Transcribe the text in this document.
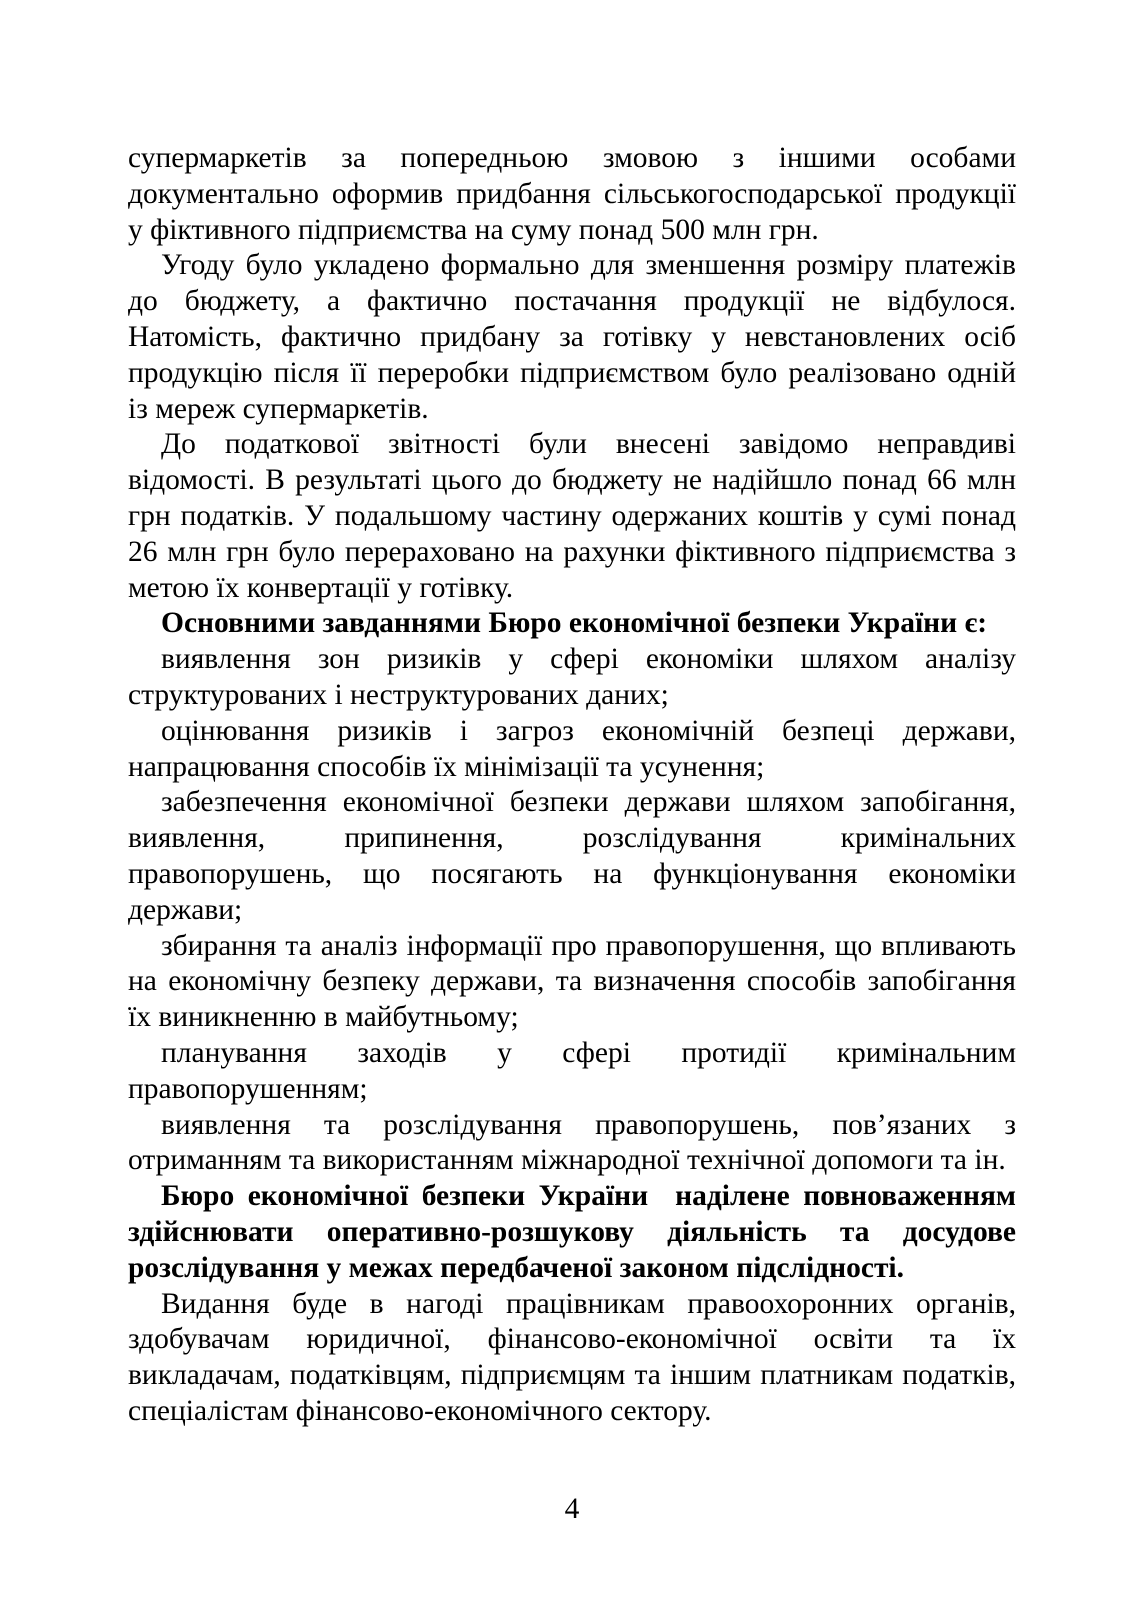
супермаркетів за попередньою змовою з іншими особами
документально оформив придбання сільськогосподарської продукції
у фіктивного підприємства на суму понад 500 млн грн.
Угоду було укладено формально для зменшення розміру платежів
до бюджету, а фактично постачання продукції не відбулося.
Натомість, фактично придбану за готівку у невстановлених осіб
продукцію після її переробки підприємством було реалізовано одній
із мереж супермаркетів.
До податкової звітності були внесені завідомо неправдиві
відомості. В результаті цього до бюджету не надійшло понад 66 млн
грн податків. У подальшому частину одержаних коштів у сумі понад
26 млн грн було перераховано на рахунки фіктивного підприємства з
метою їх конвертації у готівку.
Основними завданнями Бюро економічної безпеки України є:
виявлення зон ризиків у сфері економіки шляхом аналізу
структурованих і неструктурованих даних;
оцінювання ризиків і загроз економічній безпеці держави,
напрацювання способів їх мінімізації та усунення;
забезпечення економічної безпеки держави шляхом запобігання,
виявлення, припинення, розслідування кримінальних
правопорушень, що посягають на функціонування економіки
держави;
збирання та аналіз інформації про правопорушення, що впливають
на економічну безпеку держави, та визначення способів запобігання
їх виникненню в майбутньому;
планування заходів у сфері протидії кримінальним
правопорушенням;
виявлення та розслідування правопорушень, пов’язаних з
отриманням та використанням міжнародної технічної допомоги та ін.
Бюро економічної безпеки України  наділене повноваженням
здійснювати оперативно-розшукову діяльність та досудове
розслідування у межах передбаченої законом підслідності.
Видання буде в нагоді працівникам правоохоронних органів,
здобувачам юридичної, фінансово-економічної освіти та їх
викладачам, податківцям, підприємцям та іншим платникам податків,
спеціалістам фінансово-економічного сектору.
4
